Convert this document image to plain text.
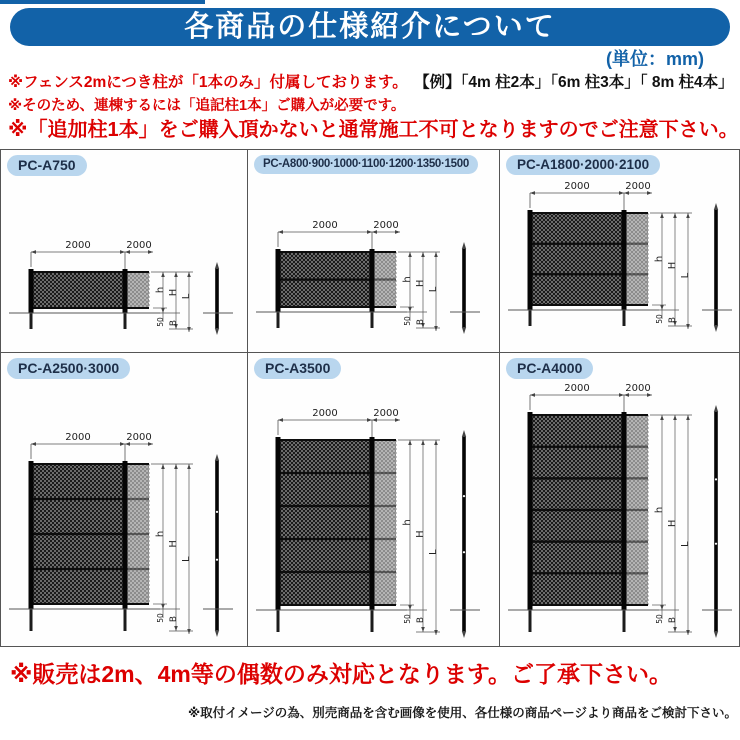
各商品の仕様紹介について
(単位：mm)
※フェンス2mにつき柱が「1本のみ」付属しております。 【例】「4m 柱2本」「6m 柱3本」「 8m 柱4本」
※そのため、連棟するには「追記柱1本」ご購入が必要です。
※「追加柱1本」をご購入頂かないと通常施工不可となりますのでご注意下さい。
PC-A750
2000	2000
h H
L
50 B
PC-A800·900·1000·1100·1200·1350·1500
2000	2000
h
H
L
50 B
PC-A1800·2000·2100
2000	2000
h
H
L
50 B
PC-A2500·3000
2000	2000
h
H
L
50 B
PC-A3500
2000	2000
h
H
L
50 B
PC-A4000
2000	2000
h
H
L
50 B
※販売は2m、4m等の偶数のみ対応となります。ご了承下さい。
※取付イメージの為、別売商品を含む画像を使用、各仕様の商品ページより商品をご検討下さい。
